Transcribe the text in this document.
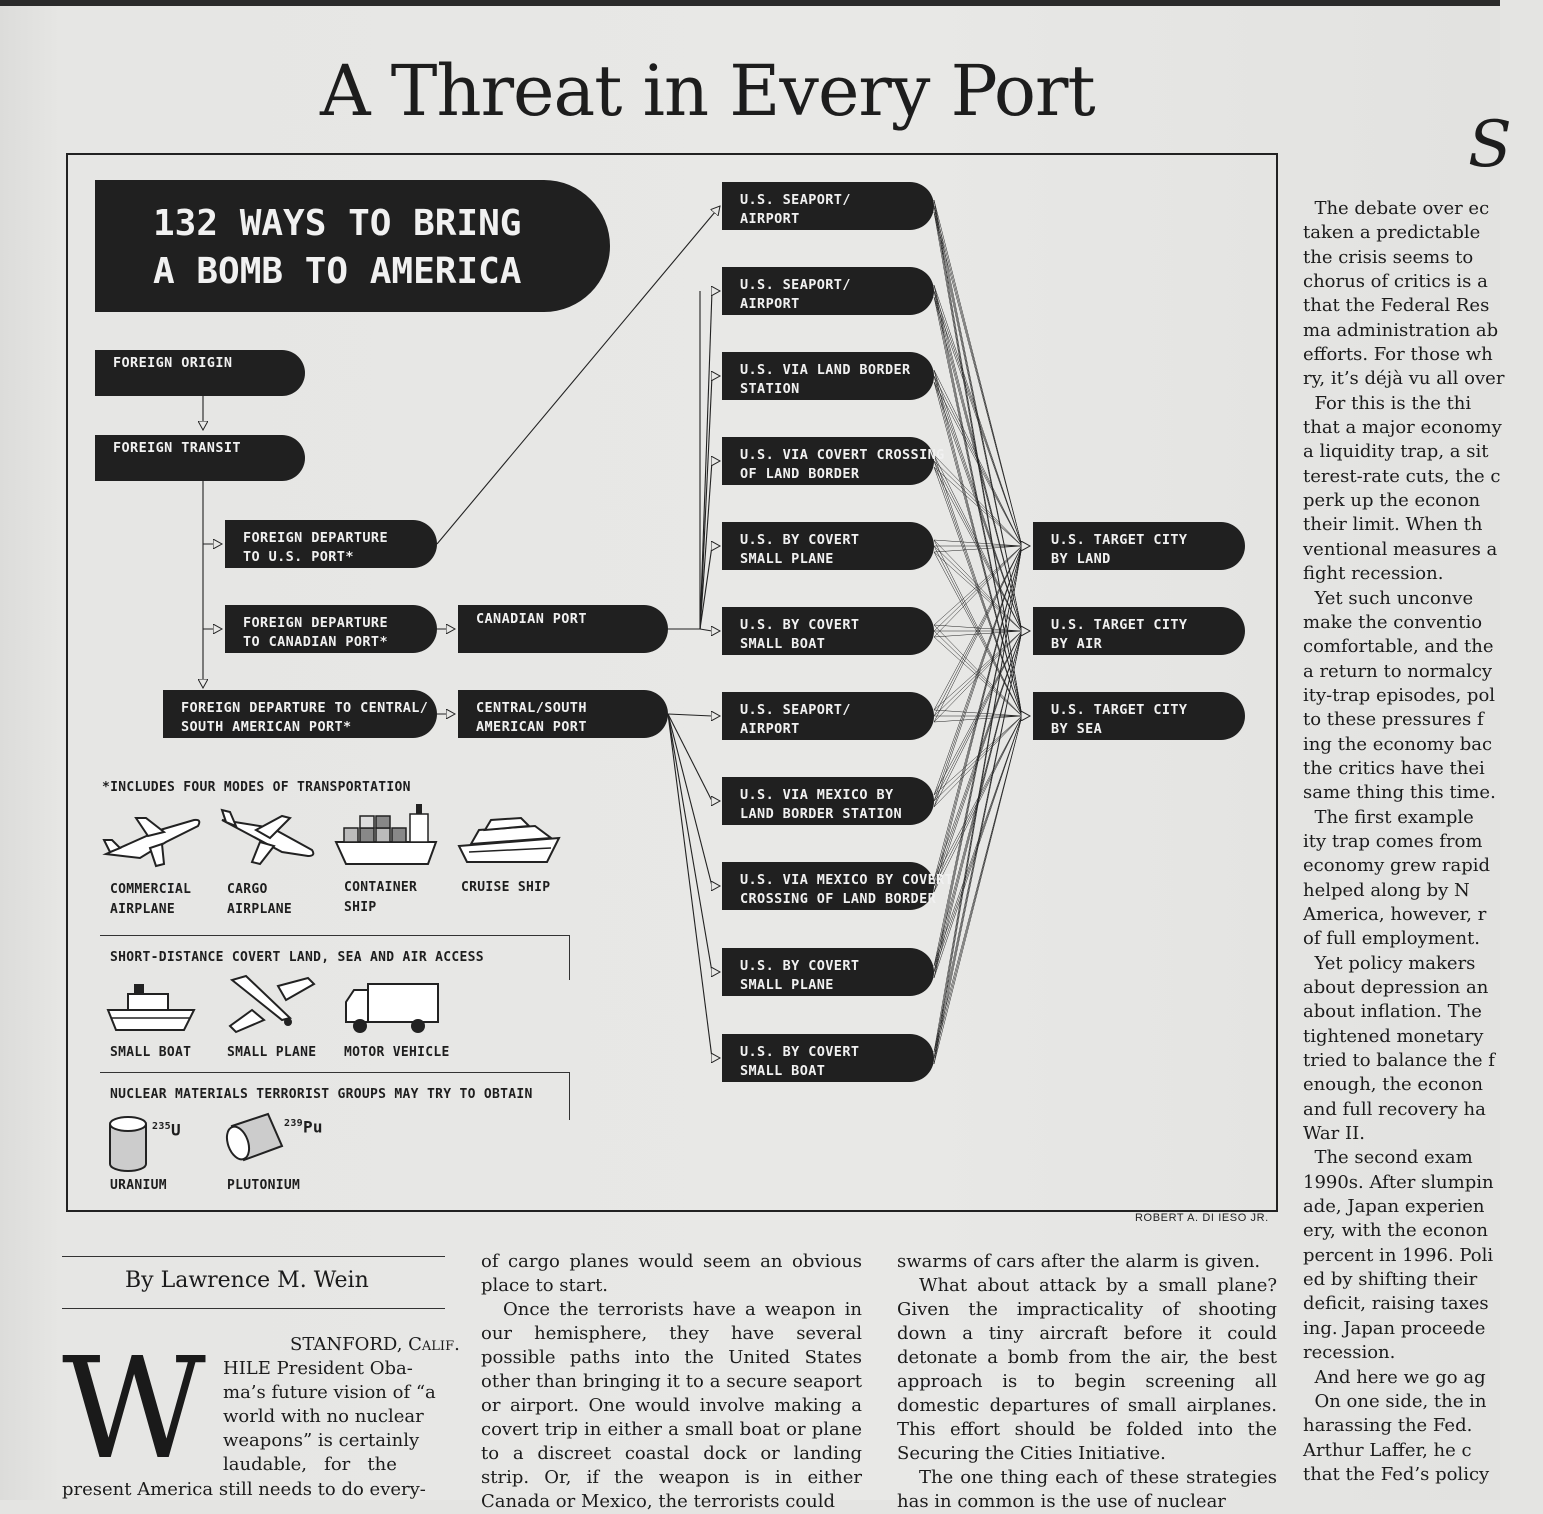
A Threat in Every Port
S
132 WAYS TO BRING
A BOMB TO AMERICA
FOREIGN ORIGIN
FOREIGN TRANSIT
FOREIGN DEPARTURE
TO U.S. PORT*
FOREIGN DEPARTURE
TO CANADIAN PORT*
FOREIGN DEPARTURE TO CENTRAL/
SOUTH AMERICAN PORT*
CANADIAN PORT
CENTRAL/SOUTH
AMERICAN PORT
U.S. SEAPORT/
AIRPORT
U.S. SEAPORT/
AIRPORT
U.S. VIA LAND BORDER
STATION
U.S. VIA COVERT CROSSING
OF LAND BORDER
U.S. BY COVERT
SMALL PLANE
U.S. BY COVERT
SMALL BOAT
U.S. SEAPORT/
AIRPORT
U.S. VIA MEXICO BY
LAND BORDER STATION
U.S. VIA MEXICO BY COVERT
CROSSING OF LAND BORDER
U.S. BY COVERT
SMALL PLANE
U.S. BY COVERT
SMALL BOAT
U.S. TARGET CITY
BY LAND
U.S. TARGET CITY
BY AIR
U.S. TARGET CITY
BY SEA
*INCLUDES FOUR MODES OF TRANSPORTATION
COMMERCIAL
AIRPLANE
CARGO
AIRPLANE
CONTAINER
SHIP
CRUISE SHIP
SHORT-DISTANCE COVERT LAND, SEA AND AIR ACCESS
SMALL BOAT	SMALL PLANE MOTOR VEHICLE
NUCLEAR MATERIALS TERRORIST GROUPS MAY TRY TO OBTAIN
$^{235}$U	$^{239}$Pu
URANIUM	PLUTONIUM
ROBERT A. DI IESO JR.
By Lawrence M. Wein
STANFORD, Calif.
W HILE President Oba-
ma’s future vision of “a
world with no nuclear
weapons” is certainly
laudable,   for   the
present America still needs to do every-

of cargo planes would seem an obvious place to start.

Once the terrorists have a weapon in our hemisphere, they have several possible paths into the United States other than bringing it to a secure seaport or airport. One would involve making a covert trip in either a small boat or plane to a discreet coastal dock or landing strip. Or, if the weapon is in either Canada or Mexico, the terrorists could

swarms of cars after the alarm is given.

What about attack by a small plane? Given the impracticality of shooting down a tiny aircraft before it could detonate a bomb from the air, the best approach is to begin screening all domestic departures of small airplanes. This effort should be folded into the Securing the Cities Initiative.

The one thing each of these strategies has in common is the use of nuclear

The debate over ec
taken a predictable
the crisis seems to
chorus of critics is a
that the Federal Res
ma administration ab
efforts. For those wh
ry, it’s déjà vu all over
For this is the thi
that a major economy
a liquidity trap, a sit
terest-rate cuts, the c
perk up the econon
their limit. When th
ventional measures a
fight recession.
Yet such unconve
make the conventio
comfortable, and the
a return to normalcy
ity-trap episodes, pol
to these pressures f
ing the economy bac
the critics have thei
same thing this time.
The first example
ity trap comes from
economy grew rapid
helped along by N
America, however, r
of full employment.
Yet policy makers
about depression an
about inflation. The
tightened monetary
tried to balance the f
enough, the econon
and full recovery ha
War II.
The second exam
1990s. After slumpin
ade, Japan experien
ery, with the econon
percent in 1996. Poli
ed by shifting their
deficit, raising taxes
ing. Japan proceede
recession.
And here we go ag
On one side, the in
harassing the Fed.
Arthur Laffer, he c
that the Fed’s policy
